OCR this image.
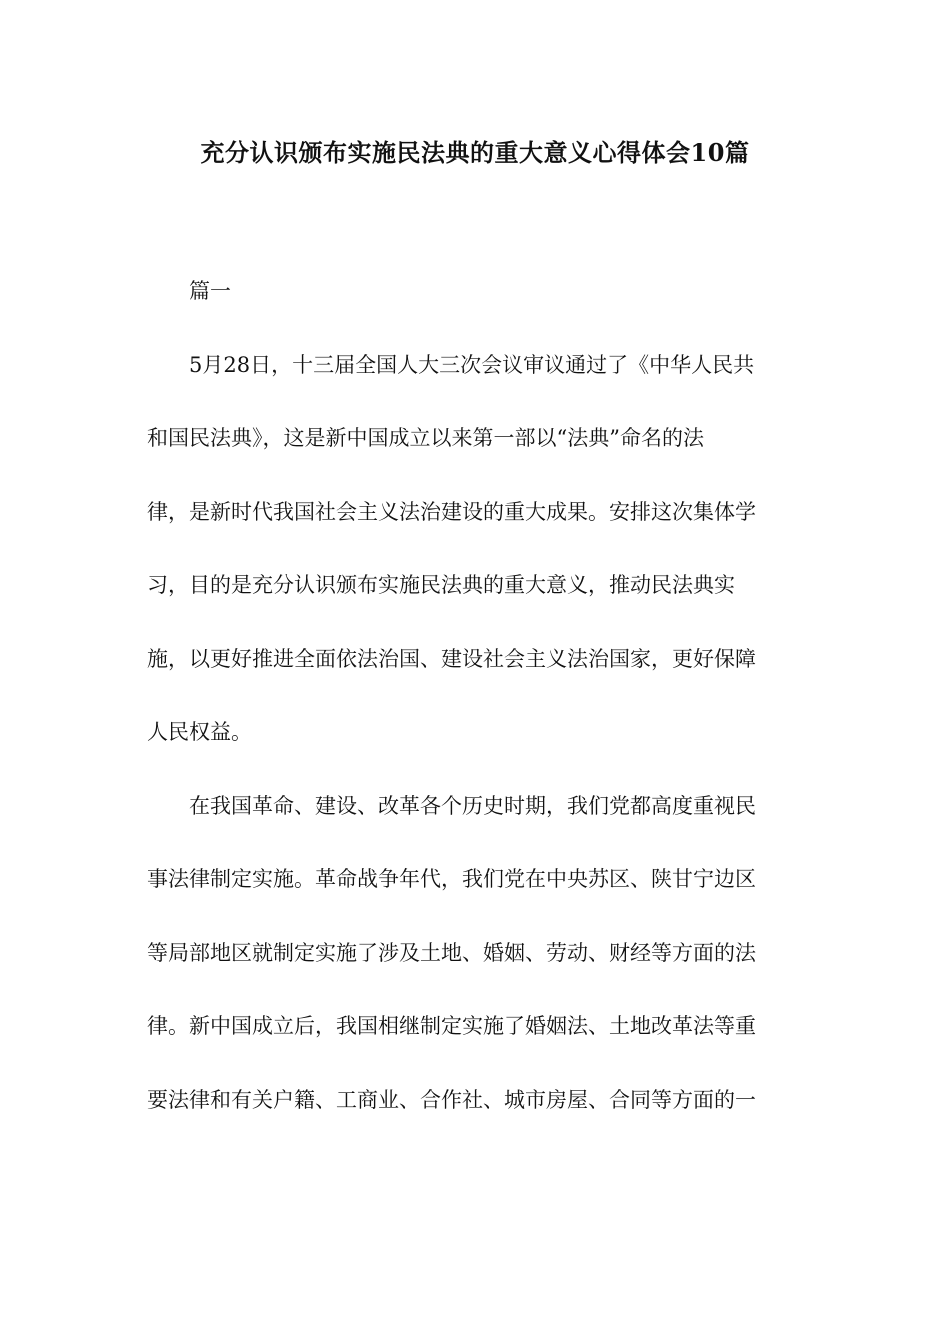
充分认识颁布实施民法典的重大意义心得体会10篇
篇一
5月28日，十三届全国人大三次会议审议通过了《中华人民共
和国民法典》，这是新中国成立以来第一部以“法典”命名的法
律，是新时代我国社会主义法治建设的重大成果。安排这次集体学
习，目的是充分认识颁布实施民法典的重大意义，推动民法典实
施，以更好推进全面依法治国、建设社会主义法治国家，更好保障
人民权益。
在我国革命、建设、改革各个历史时期，我们党都高度重视民
事法律制定实施。革命战争年代，我们党在中央苏区、陕甘宁边区
等局部地区就制定实施了涉及土地、婚姻、劳动、财经等方面的法
律。新中国成立后，我国相继制定实施了婚姻法、土地改革法等重
要法律和有关户籍、工商业、合作社、城市房屋、合同等方面的一
